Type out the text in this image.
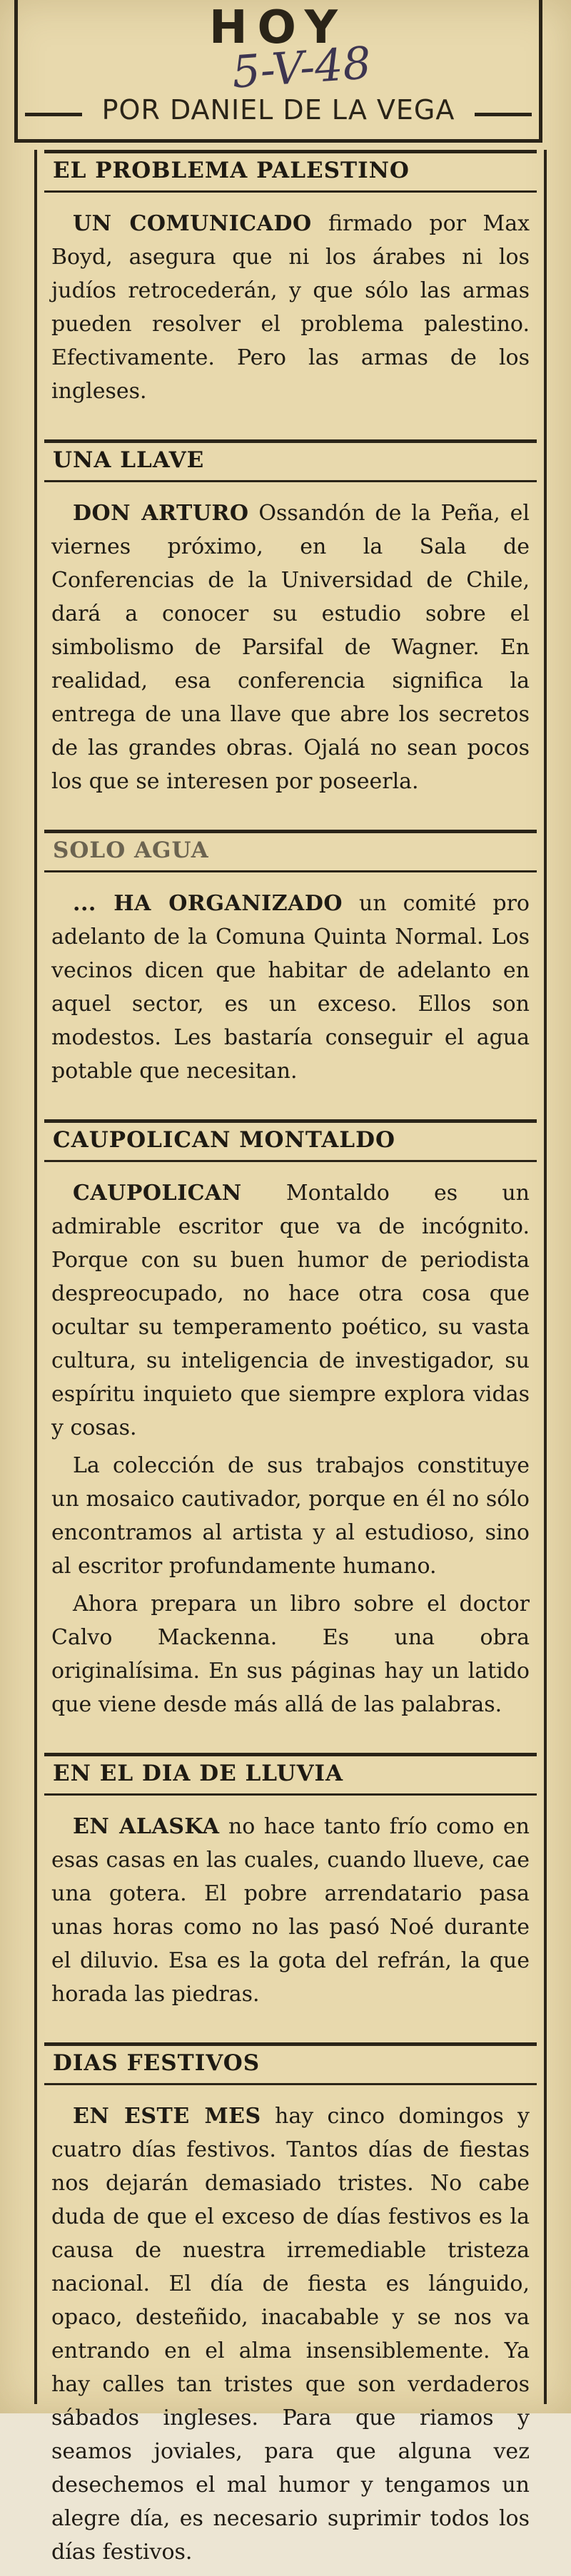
HOY
5-V-48
POR DANIEL DE LA VEGA
EL PROBLEMA PALESTINO

UN COMUNICADO firmado por Max Boyd, asegura que ni los árabes ni los judíos retrocederán, y que sólo las armas pueden resolver el problema palestino. Efectivamente. Pero las armas de los ingleses.

UNA LLAVE

DON ARTURO Ossandón de la Peña, el viernes próximo, en la Sala de Conferencias de la Universidad de Chile, dará a conocer su estudio sobre el simbolismo de Parsifal de Wagner. En realidad, esa conferencia significa la entrega de una llave que abre los secretos de las grandes obras. Ojalá no sean pocos los que se interesen por poseerla.

SOLO AGUA

... HA ORGANIZADO un comité pro adelanto de la Comuna Quinta Normal. Los vecinos dicen que habitar de adelanto en aquel sector, es un exceso. Ellos son modestos. Les bastaría conseguir el agua potable que necesitan.

CAUPOLICAN MONTALDO

CAUPOLICAN Montaldo es un admirable escritor que va de incógnito. Porque con su buen humor de periodista despreocupado, no hace otra cosa que ocultar su temperamento poético, su vasta cultura, su inteligencia de investigador, su espíritu inquieto que siempre explora vidas y cosas.

La colección de sus trabajos constituye un mosaico cautivador, porque en él no sólo encontramos al artista y al estudioso, sino al escritor profundamente humano.

Ahora prepara un libro sobre el doctor Calvo Mackenna. Es una obra originalísima. En sus páginas hay un latido que viene desde más allá de las palabras.

EN EL DIA DE LLUVIA

EN ALASKA no hace tanto frío como en esas casas en las cuales, cuando llueve, cae una gotera. El pobre arrendatario pasa unas horas como no las pasó Noé durante el diluvio. Esa es la gota del refrán, la que horada las piedras.

DIAS FESTIVOS

EN ESTE MES hay cinco domingos y cuatro días festivos. Tantos días de fiestas nos dejarán demasiado tristes. No cabe duda de que el exceso de días festivos es la causa de nuestra irremediable tristeza nacional. El día de fiesta es lánguido, opaco, desteñido, inacabable y se nos va entrando en el alma insensiblemente. Ya hay calles tan tristes que son verdaderos sábados ingleses. Para que riamos y seamos joviales, para que alguna vez desechemos el mal humor y tengamos un alegre día, es necesario suprimir todos los días festivos.
